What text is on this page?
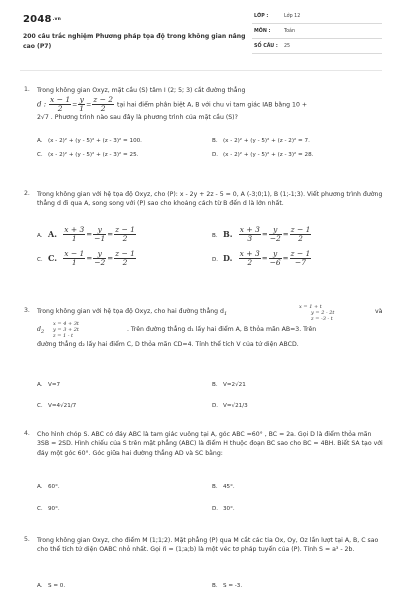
2048.vn
200 câu trắc nghiệm Phương pháp tọa độ trong không gian nâng cao (P7)
LỚP :	Lớp 12
MÔN :	Toán
SỐ CÂU : 25
1. Trong không gian Oxyz, mặt cầu (S) tâm I (2; 5; 3) cắt đường thẳng
d : $\frac{x - 1}{2} = \frac{y}{1} = \frac{z - 2}{2}$ tại hai điểm phân biệt A, B với chu vi tam giác IAB bằng 10 +
2√7 . Phương trình nào sau đây là phương trình của mặt cầu (S)?
A. (x - 2)² + (y - 5)² + (z - 3)² = 100.	B. (x - 2)² + (y - 5)² + (z - 2)² = 7.
C. (x - 2)² + (y - 5)² + (z - 3)² = 25.	D. (x - 2)² + (y - 5)² + (z - 3)² = 28.
2. Trong không gian với hệ tọa độ Oxyz, cho (P): x - 2y + 2z - 5 = 0, A (-3;0;1), B (1;-1;3). Viết phương trình đường thẳng d đi qua A, song song với (P) sao cho khoảng cách từ B đến d là lớn nhất.
A. A. $\frac{x + 3}{1} = \frac{y}{-1} = \frac{z - 1}{2}$	B. B. $\frac{x + 3}{3} = \frac{y}{-2} = \frac{z - 1}{2}$
C. C. $\frac{x - 1}{1} = \frac{y}{-2} = \frac{z - 1}{2}$	D. D. $\frac{x + 3}{2} = \frac{y}{-6} = \frac{z - 1}{-7}$
3. Trong không gian với hệ tọa độ Oxyz, cho hai đường thẳng $d_1$
x = 1 + t
y = 2 - 2t
z = -3 - t
và
$d_2$
x = 4 + 3t
y = 3 + 2t
z = 1 - t
. Trên đường thẳng d₁ lấy hai điểm A, B thỏa mãn AB=3. Trên
đường thẳng d₂ lấy hai điểm C, D thỏa mãn CD=4. Tính thể tích V của tứ diện ABCD.
A. V=7	B. V=2√21
C. V=4√21/7	D. V=√21/3
4. Cho hình chóp S. ABC có đáy ABC là tam giác vuông tại A, góc ABC =60° , BC = 2a. Gọi D là điểm thỏa mãn 3SB = 2SD. Hình chiếu của S trên mặt phẳng (ABC) là điểm H thuộc đoạn BC sao cho BC = 4BH. Biết SA tạo với đáy một góc 60°. Góc giữa hai đường thẳng AD và SC bằng:
A. 60°.	B. 45°.
C. 90°.	D. 30°.
5. Trong không gian Oxyz, cho điểm M (1;1;2). Mặt phẳng (P) qua M cắt các tia Ox, Oy, Oz lần lượt tại A, B, C sao cho thể tích tứ diện OABC nhỏ nhất. Gọi n⃗ = (1;a;b) là một véc tơ pháp tuyến của (P). Tính S = a³ - 2b.
A. S = 0.	B. S = -3.
